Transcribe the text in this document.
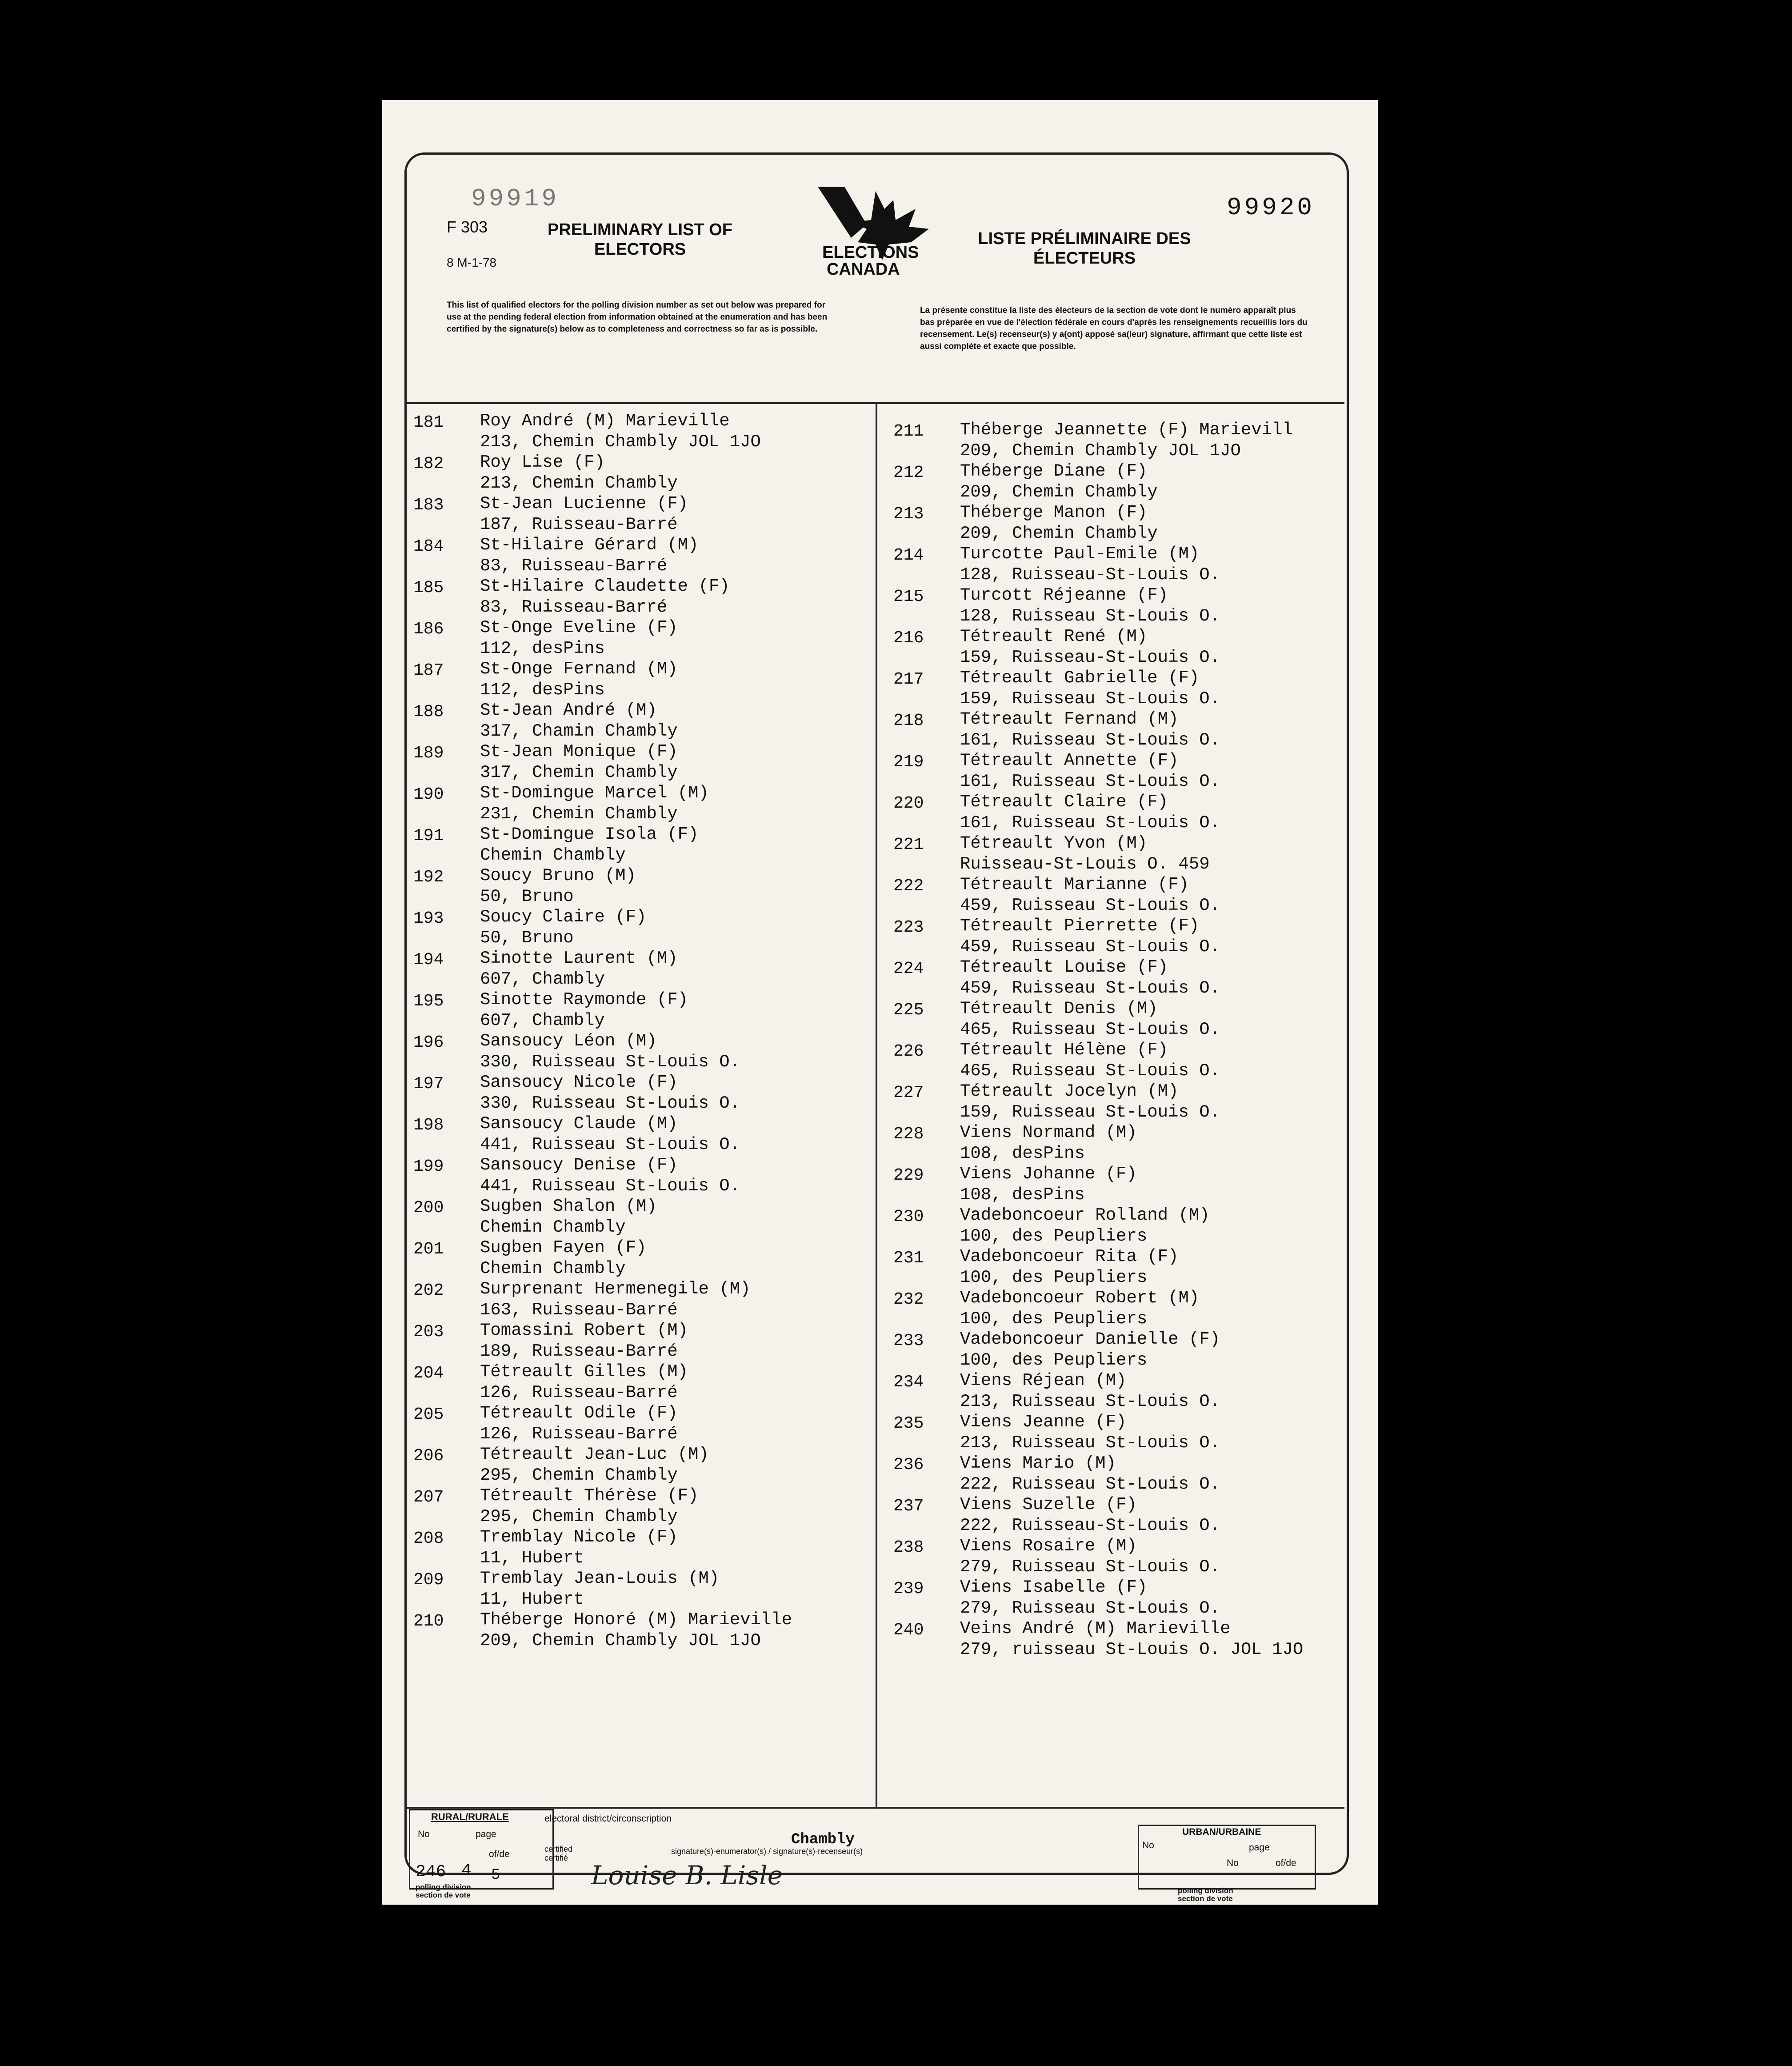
99919	99920
F 303
8 M-1-78
PRELIMINARY LIST OF
ELECTORS	ELECTIONS
CANADA
LISTE PRÉLIMINAIRE DES
ÉLECTEURS
This list of qualified electors for the polling division number as set out below was prepared for use at the pending federal election from information obtained at the enumeration and has been certified by the signature(s) below as to completeness and correctness so far as is possible.
La présente constitue la liste des électeurs de la section de vote dont le numéro apparaît plus bas préparée en vue de l'élection fédérale en cours d'après les renseignements recueillis lors du recensement. Le(s) recenseur(s) y a(ont) apposé sa(leur) signature, affirmant que cette liste est aussi complète et exacte que possible.
181 Roy André (M) Marieville
213, Chemin Chambly JOL 1JO
182 Roy Lise (F)
213, Chemin Chambly
183 St-Jean Lucienne (F)
187, Ruisseau-Barré
184 St-Hilaire Gérard (M)
83, Ruisseau-Barré
185 St-Hilaire Claudette (F)
83, Ruisseau-Barré
186 St-Onge Eveline (F)
112, desPins
187 St-Onge Fernand (M)
112, desPins
188 St-Jean André (M)
317, Chamin Chambly
189 St-Jean Monique (F)
317, Chemin Chambly
190 St-Domingue Marcel (M)
231, Chemin Chambly
191 St-Domingue Isola (F)
Chemin Chambly
192 Soucy Bruno (M)
50, Bruno
193 Soucy Claire (F)
50, Bruno
194 Sinotte Laurent (M)
607, Chambly
195 Sinotte Raymonde (F)
607, Chambly
196 Sansoucy Léon (M)
330, Ruisseau St-Louis O.
197 Sansoucy Nicole (F)
330, Ruisseau St-Louis O.
198 Sansoucy Claude (M)
441, Ruisseau St-Louis O.
199 Sansoucy Denise (F)
441, Ruisseau St-Louis O.
200 Sugben Shalon (M)
Chemin Chambly
201 Sugben Fayen (F)
Chemin Chambly
202 Surprenant Hermenegile (M)
163, Ruisseau-Barré
203 Tomassini Robert (M)
189, Ruisseau-Barré
204 Tétreault Gilles (M)
126, Ruisseau-Barré
205 Tétreault Odile (F)
126, Ruisseau-Barré
206 Tétreault Jean-Luc (M)
295, Chemin Chambly
207 Tétreault Thérèse (F)
295, Chemin Chambly
208 Tremblay Nicole (F)
11, Hubert
209 Tremblay Jean-Louis (M)
11, Hubert
210 Théberge Honoré (M) Marieville
209, Chemin Chambly JOL 1JO
211 Théberge Jeannette (F) Marievill
209, Chemin Chambly JOL 1JO
212 Théberge Diane (F)
209, Chemin Chambly
213 Théberge Manon (F)
209, Chemin Chambly
214 Turcotte Paul-Emile (M)
128, Ruisseau-St-Louis O.
215 Turcott Réjeanne (F)
128, Ruisseau St-Louis O.
216 Tétreault René (M)
159, Ruisseau-St-Louis O.
217 Tétreault Gabrielle (F)
159, Ruisseau St-Louis O.
218 Tétreault Fernand (M)
161, Ruisseau St-Louis O.
219 Tétreault Annette (F)
161, Ruisseau St-Louis O.
220 Tétreault Claire (F)
161, Ruisseau St-Louis O.
221 Tétreault Yvon (M)
Ruisseau-St-Louis O. 459
222 Tétreault Marianne (F)
459, Ruisseau St-Louis O.
223 Tétreault Pierrette (F)
459, Ruisseau St-Louis O.
224 Tétreault Louise (F)
459, Ruisseau St-Louis O.
225 Tétreault Denis (M)
465, Ruisseau St-Louis O.
226 Tétreault Hélène (F)
465, Ruisseau St-Louis O.
227 Tétreault Jocelyn (M)
159, Ruisseau St-Louis O.
228 Viens Normand (M)
108, desPins
229 Viens Johanne (F)
108, desPins
230 Vadeboncoeur Rolland (M)
100, des Peupliers
231 Vadeboncoeur Rita (F)
100, des Peupliers
232 Vadeboncoeur Robert (M)
100, des Peupliers
233 Vadeboncoeur Danielle (F)
100, des Peupliers
234 Viens Réjean (M)
213, Ruisseau St-Louis O.
235 Viens Jeanne (F)
213, Ruisseau St-Louis O.
236 Viens Mario (M)
222, Ruisseau St-Louis O.
237 Viens Suzelle (F)
222, Ruisseau-St-Louis O.
238 Viens Rosaire (M)
279, Ruisseau St-Louis O.
239 Viens Isabelle (F)
279, Ruisseau St-Louis O.
240 Veins André (M) Marieville
279, ruisseau St-Louis O. JOL 1JO
RURAL/RURALE
No	page
of/de
246 4 5
polling division
section de vote
electoral district/circonscription
Chambly
certified
certifié
signature(s)-enumerator(s) / signature(s)-recenseur(s)
Louise B. Lisle
URBAN/URBAINE
No	page
No	of/de
polling division
section de vote
